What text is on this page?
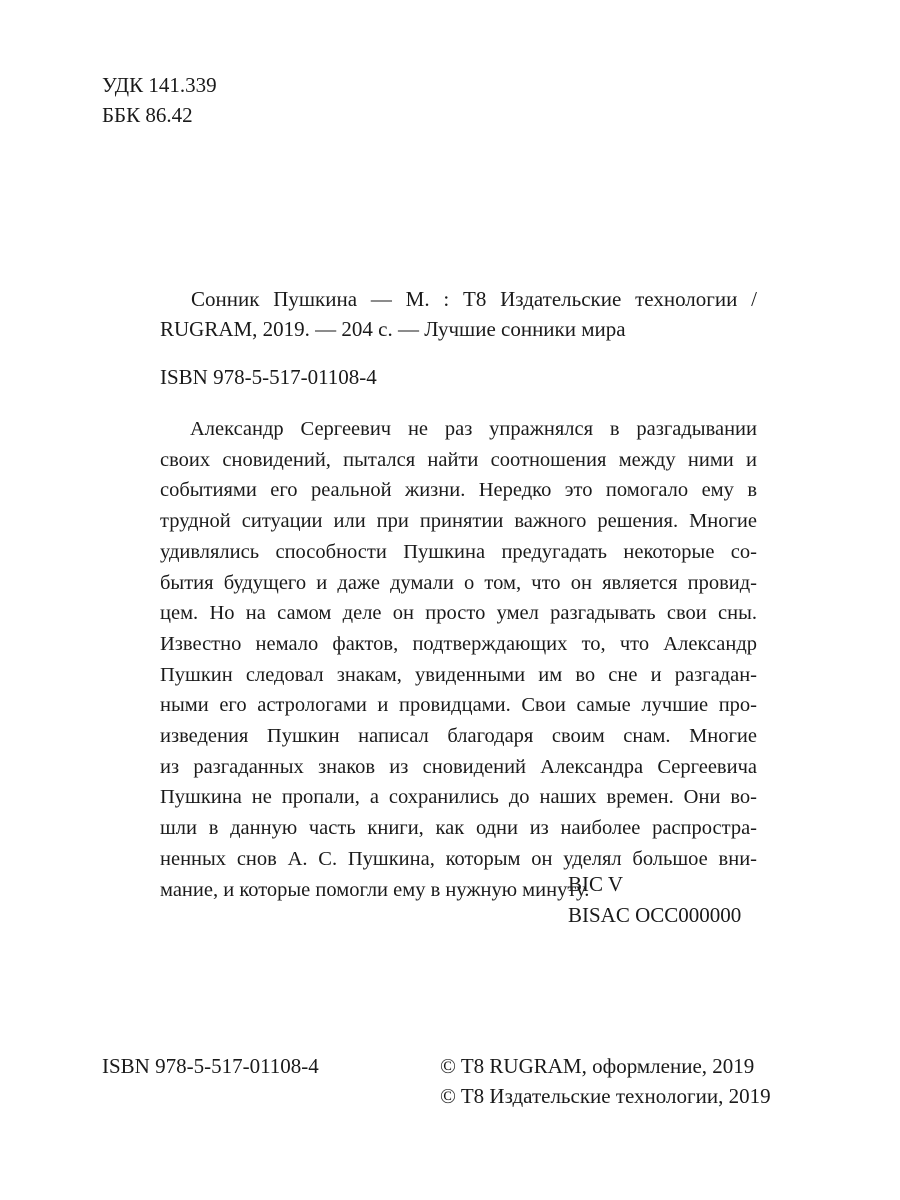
УДК 141.339
ББК 86.42
Сонник Пушкина — М. : T8 Издательские технологии / RUGRAM, 2019. — 204 с. — Лучшие сонники мира
ISBN 978-5-517-01108-4
Александр Сергеевич не раз упражнялся в разгадывании
своих сновидений, пытался найти соотношения между ними и
событиями его реальной жизни. Нередко это помогало ему в
трудной ситуации или при принятии важного решения. Многие
удивлялись способности Пушкина предугадать некоторые со-
бытия будущего и даже думали о том, что он является провид-
цем. Но на самом деле он просто умел разгадывать свои сны.
Известно немало фактов, подтверждающих то, что Александр
Пушкин следовал знакам, увиденными им во сне и разгадан-
ными его астрологами и провидцами. Свои самые лучшие про-
изведения Пушкин написал благодаря своим снам. Многие
из разгаданных знаков из сновидений Александра Сергеевича
Пушкина не пропали, а сохранились до наших времен. Они во-
шли в данную часть книги, как одни из наиболее распростра-
ненных снов А. С. Пушкина, которым он уделял большое вни-
мание, и которые помогли ему в нужную минуту.
BIC V
BISAC OCC000000
ISBN 978-5-517-01108-4	© T8 RUGRAM, оформление, 2019
© T8 Издательские технологии, 2019
